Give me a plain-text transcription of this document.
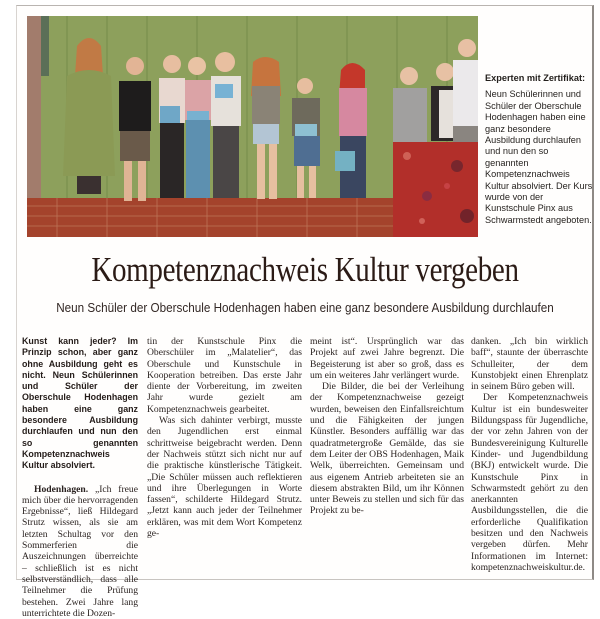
Experten mit Zertifikat:
Neun Schülerinnen und Schüler der Oberschule Hodenhagen haben eine ganz besondere Ausbildung durchlaufen und nun den so genannten Kompetenznachweis Kultur absolviert. Der Kurs wurde von der Kunstschule Pinx aus Schwarmstedt angeboten.
Kompetenznachweis Kultur vergeben
Neun Schüler der Oberschule Hodenhagen haben eine ganz besondere Ausbildung durchlaufen

Kunst kann jeder? Im Prinzip schon, aber ganz ohne Ausbildung geht es nicht. Neun Schülerinnen und Schüler der Oberschule Hodenhagen haben eine ganz besondere Ausbildung durchlaufen und nun den so genannten Kompetenznachweis Kultur absolviert.

Hodenhagen. „Ich freue mich über die hervorragenden Ergebnisse“, ließ Hildegard Strutz wissen, als sie am letzten Schultag vor den Sommerferien die Auszeichnungen überreichte – schließlich ist es nicht selbstverständlich, dass alle Teilnehmer die Prüfung bestehen. Zwei Jahre lang unterrichtete die Dozen-

tin der Kunstschule Pinx die Oberschüler im „Malatelier“, das Oberschule und Kunstschule in Kooperation betreiben. Das erste Jahr diente der Vorbereitung, im zweiten Jahr wurde gezielt am Kompetenznachweis gearbeitet.

Was sich dahinter verbirgt, musste den Jugendlichen erst einmal schrittweise beigebracht werden. Denn der Nachweis stützt sich nicht nur auf die praktische künstlerische Tätigkeit. „Die Schüler müssen auch reflektieren und ihre Überlegungen in Worte fassen“, schilderte Hildegard Strutz. „Jetzt kann auch jeder der Teilnehmer erklären, was mit dem Wort Kompetenz ge-

meint ist“. Ursprünglich war das Projekt auf zwei Jahre begrenzt. Die Begeisterung ist aber so groß, dass es um ein weiteres Jahr verlängert wurde.

Die Bilder, die bei der Verleihung der Kompetenznachweise gezeigt wurden, beweisen den Einfallsreichtum und die Fähigkeiten der jungen Künstler. Besonders auffällig war das quadratmetergroße Gemälde, das sie dem Leiter der OBS Hodenhagen, Maik Welk, überreichten. Gemeinsam und aus eigenem Antrieb arbeiteten sie an diesem abstrakten Bild, um ihr Können unter Beweis zu stellen und sich für das Projekt zu be-

danken. „Ich bin wirklich baff“, staunte der überraschte Schulleiter, der dem Kunstobjekt einen Ehrenplatz in seinem Büro geben will.

Der Kompetenznachweis Kultur ist ein bundesweiter Bildungspass für Jugendliche, der vor zehn Jahren von der Bundesvereinigung Kulturelle Kinder- und Jugendbildung (BKJ) entwickelt wurde. Die Kunstschule Pinx in Schwarmstedt gehört zu den anerkannten Ausbildungsstellen, die die erforderliche Qualifikation besitzen und den Nachweis vergeben dürfen. Mehr Informationen im Internet: kompetenznachweiskultur.de.
